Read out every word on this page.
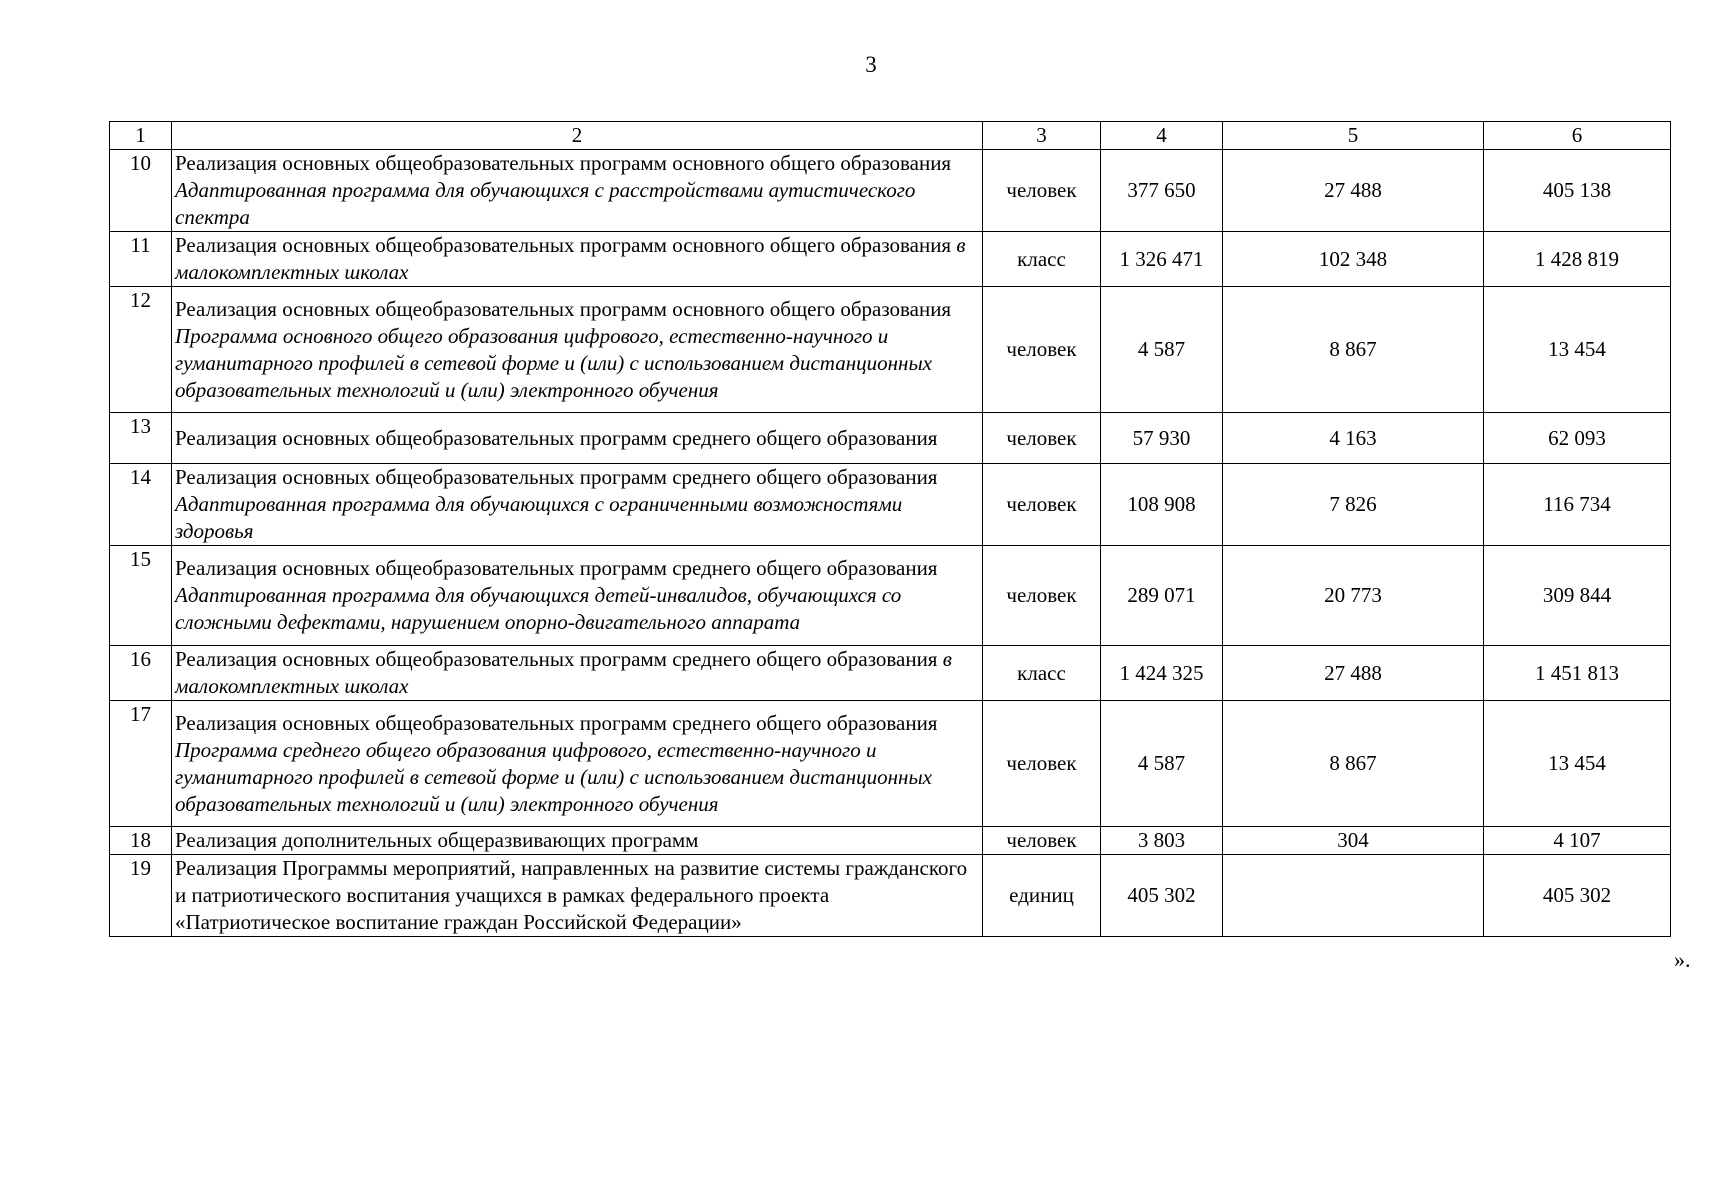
3
1	2	3	4	5	6
10	Реализация основных общеобразовательных программ основного общего образования Адаптированная программа для обучающихся с расстройствами аутистического спектра	человек	377 650	27 488	405 138
11	Реализация основных общеобразовательных программ основного общего образования в малокомплектных школах	класс	1 326 471	102 348	1 428 819
12	Реализация основных общеобразовательных программ основного общего образования Программа основного общего образования цифрового, естественно-научного и гуманитарного профилей в сетевой форме и (или) с использованием дистанционных образовательных технологий и (или) электронного обучения	человек	4 587	8 867	13 454
13	Реализация основных общеобразовательных программ среднего общего образования	человек	57 930	4 163	62 093
14	Реализация основных общеобразовательных программ среднего общего образования Адаптированная программа для обучающихся с ограниченными возможностями здоровья	человек	108 908	7 826	116 734
15	Реализация основных общеобразовательных программ среднего общего образования Адаптированная программа для обучающихся детей-инвалидов, обучающихся со сложными дефектами, нарушением опорно-двигательного аппарата	человек	289 071	20 773	309 844
16	Реализация основных общеобразовательных программ среднего общего образования в малокомплектных школах	класс	1 424 325	27 488	1 451 813
17	Реализация основных общеобразовательных программ среднего общего образования Программа среднего общего образования цифрового, естественно-научного и гуманитарного профилей в сетевой форме и (или) с использованием дистанционных образовательных технологий и (или) электронного обучения	человек	4 587	8 867	13 454
18	Реализация дополнительных общеразвивающих программ	человек	3 803	304	4 107
19	Реализация Программы мероприятий, направленных на развитие системы гражданского и патриотического воспитания учащихся в рамках федерального проекта «Патриотическое воспитание граждан Российской Федерации»	единиц	405 302		405 302
».
